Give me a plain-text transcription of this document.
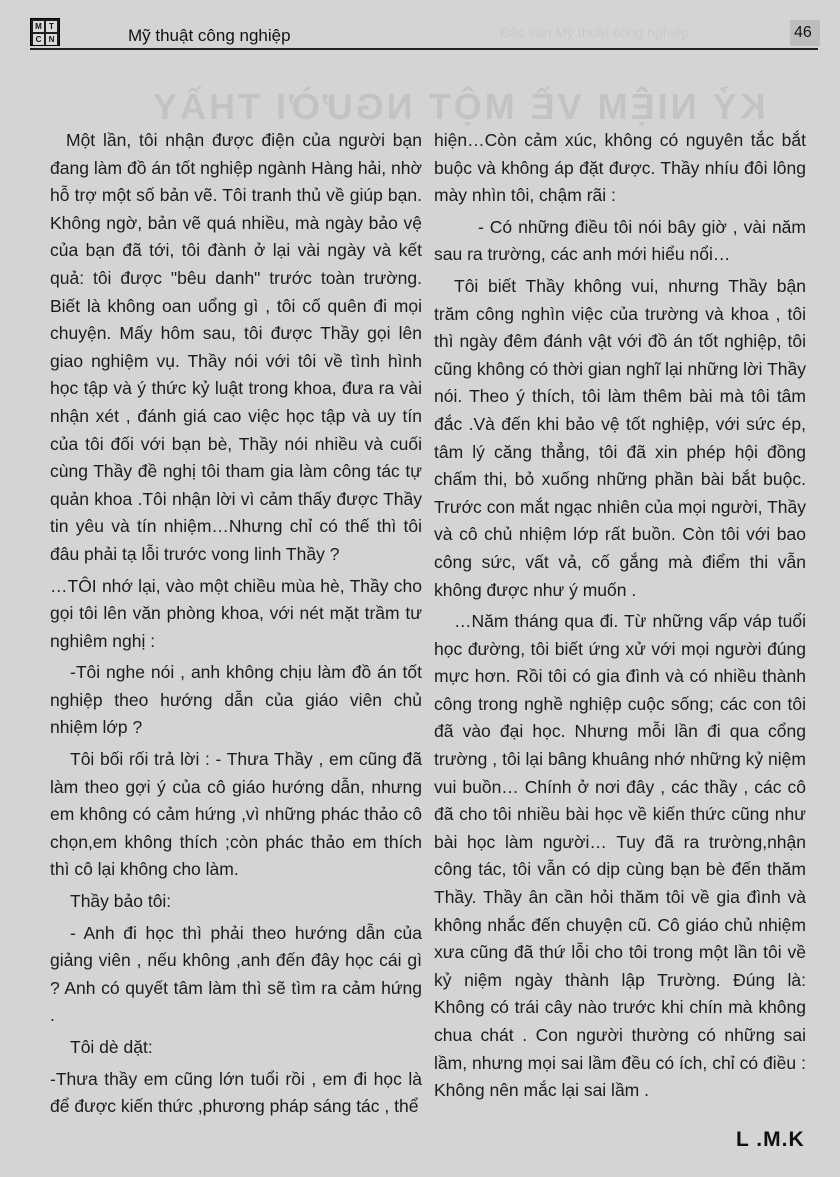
M T
C N	Mỹ thuật công nghiệp	Đặc san Mỹ thuật công nghiệp	46
KỶ NIỆM VỀ MỘT NGƯỜI THẦY

Một lần, tôi nhận được điện của người bạn đang làm đồ án tốt nghiệp ngành Hàng hải, nhờ hỗ trợ một số bản vẽ. Tôi tranh thủ về giúp bạn. Không ngờ, bản vẽ quá nhiều, mà ngày bảo vệ của bạn đã tới, tôi đành ở lại vài ngày và kết quả: tôi được "bêu danh" trước toàn trường. Biết là không oan uổng gì , tôi cố quên đi mọi chuyện. Mấy hôm sau, tôi được Thầy gọi lên giao nghiệm vụ. Thầy nói với tôi về tình hình học tập và ý thức kỷ luật trong khoa, đưa ra vài nhận xét , đánh giá cao việc học tập và uy tín của tôi đối với bạn bè, Thầy nói nhiều và cuối cùng Thầy đề nghị tôi tham gia làm công tác tự quản khoa .Tôi nhận lời vì cảm thấy được Thầy tin yêu và tín nhiệm…Nhưng chỉ có thế thì tôi đâu phải tạ lỗi trước vong linh Thầy ?

…TÔI nhớ lại, vào một chiều mùa hè, Thầy cho gọi tôi lên văn phòng khoa, với nét mặt trầm tư nghiêm nghị :

-Tôi nghe nói , anh không chịu làm đồ án tốt nghiệp theo hướng dẫn của giáo viên chủ nhiệm lớp ?

Tôi bối rối trả lời : - Thưa Thầy , em cũng đã làm theo gợi ý của cô giáo hướng dẫn, nhưng em không có cảm hứng ,vì những phác thảo cô chọn,em không thích ;còn phác thảo em thích thì cô lại không cho làm.

Thầy bảo tôi:

- Anh đi học thì phải theo hướng dẫn của giảng viên , nếu không ,anh đến đây học cái gì ? Anh có quyết tâm làm thì sẽ tìm ra cảm hứng .

Tôi dè dặt:

-Thưa thầy em cũng lớn tuổi rồi , em đi học là để được kiến thức ,phương pháp sáng tác , thể

hiện…Còn cảm xúc, không có nguyên tắc bắt buộc và không áp đặt được. Thầy nhíu đôi lông mày nhìn tôi, chậm rãi :

- Có những điều tôi nói bây giờ , vài năm sau ra trường, các anh mới hiểu nổi…

Tôi biết Thầy không vui, nhưng Thầy bận trăm công nghìn việc của trường và khoa , tôi thì ngày đêm đánh vật với đồ án tốt nghiệp, tôi cũng không có thời gian nghĩ lại những lời Thầy nói. Theo ý thích, tôi làm thêm bài mà tôi tâm đắc .Và đến khi bảo vệ tốt nghiệp, với sức ép, tâm lý căng thẳng, tôi đã xin phép hội đồng chấm thi, bỏ xuống những phần bài bắt buộc. Trước con mắt ngạc nhiên của mọi người, Thầy và cô chủ nhiệm lớp rất buồn. Còn tôi với bao công sức, vất vả, cố gắng mà điểm thi vẫn không được như ý muốn .

…Năm tháng qua đi. Từ những vấp váp tuổi học đường, tôi biết ứng xử với mọi người đúng mực hơn. Rồi tôi có gia đình và có nhiều thành công trong nghề nghiệp cuộc sống; các con tôi đã vào đại học. Nhưng mỗi lần đi qua cổng trường , tôi lại bâng khuâng nhớ những kỷ niệm vui buồn… Chính ở nơi đây , các thầy , các cô đã cho tôi nhiều bài học về kiến thức cũng như bài học làm người… Tuy đã ra trường,nhận công tác, tôi vẫn có dịp cùng bạn bè đến thăm Thầy. Thầy ân cần hỏi thăm tôi về gia đình và không nhắc đến chuyện cũ. Cô giáo chủ nhiệm xưa cũng đã thứ lỗi cho tôi trong một lần tôi về kỷ niệm ngày thành lập Trường. Đúng là: Không có trái cây nào trước khi chín mà không chua chát . Con người thường có những sai lầm, nhưng mọi sai lầm đều có ích, chỉ có điều : Không nên mắc lại sai lầm .

L .M.K
